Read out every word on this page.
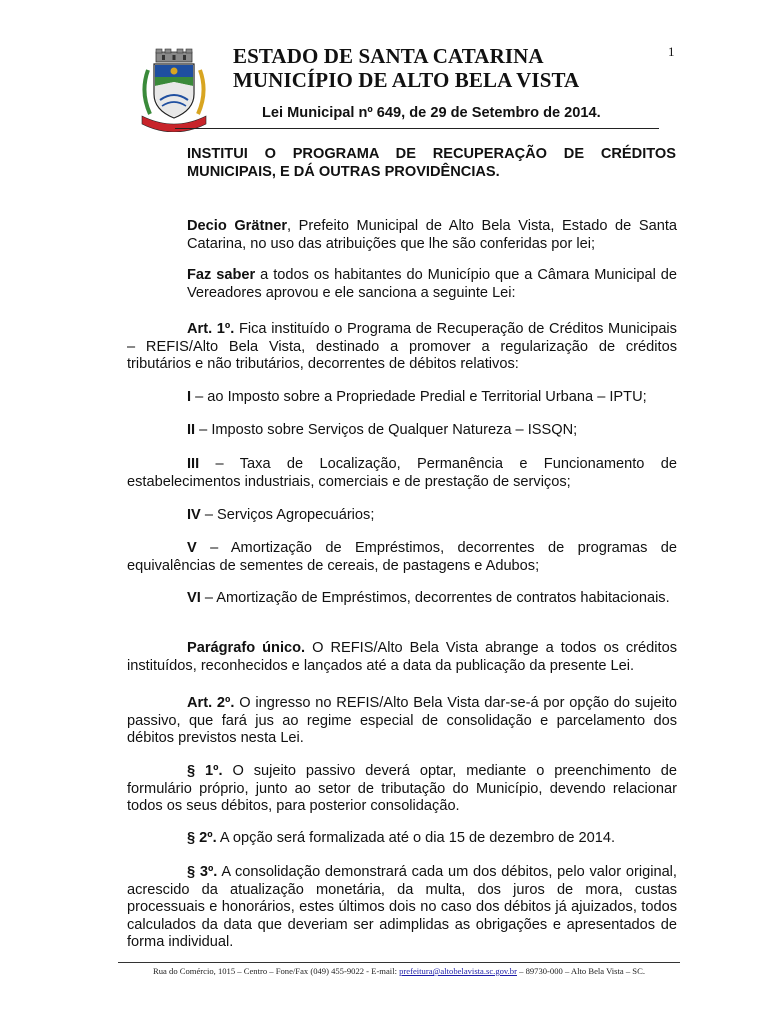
1
ESTADO DE SANTA CATARINA
MUNICÍPIO DE ALTO BELA VISTA
Lei Municipal nº 649, de 29 de Setembro de 2014.
INSTITUI O PROGRAMA DE RECUPERAÇÃO DE CRÉDITOS
MUNICIPAIS, E DÁ OUTRAS PROVIDÊNCIAS.
Decio Grätner, Prefeito Municipal de Alto Bela Vista, Estado de Santa Catarina, no uso das atribuições que lhe são conferidas por lei;
Faz saber a todos os habitantes do Município que a Câmara Municipal de Vereadores aprovou e ele sanciona a seguinte Lei:
Art. 1º. Fica instituído o Programa de Recuperação de Créditos Municipais – REFIS/Alto Bela Vista, destinado a promover a regularização de créditos tributários e não tributários, decorrentes de débitos relativos:
I – ao Imposto sobre a Propriedade Predial e Territorial Urbana – IPTU;
II – Imposto sobre Serviços de Qualquer Natureza – ISSQN;
III – Taxa de Localização, Permanência e Funcionamento de estabelecimentos industriais, comerciais e de prestação de serviços;
IV – Serviços Agropecuários;
V – Amortização de Empréstimos, decorrentes de programas de equivalências de sementes de cereais, de pastagens e Adubos;
VI – Amortização de Empréstimos, decorrentes de contratos habitacionais.
Parágrafo único. O REFIS/Alto Bela Vista abrange a todos os créditos instituídos, reconhecidos e lançados até a data da publicação da presente Lei.
Art. 2º. O ingresso no REFIS/Alto Bela Vista dar-se-á por opção do sujeito passivo, que fará jus ao regime especial de consolidação e parcelamento dos débitos previstos nesta Lei.
§ 1º. O sujeito passivo deverá optar, mediante o preenchimento de formulário próprio, junto ao setor de tributação do Município, devendo relacionar todos os seus débitos, para posterior consolidação.
§ 2º. A opção será formalizada até o dia 15 de dezembro de 2014.
§ 3º. A consolidação demonstrará cada um dos débitos, pelo valor original, acrescido da atualização monetária, da multa, dos juros de mora, custas processuais e honorários, estes últimos dois no caso dos débitos já ajuizados, todos calculados da data que deveriam ser adimplidas as obrigações e apresentados de forma individual.
Rua do Comércio, 1015 – Centro – Fone/Fax (049) 455-9022 - E-mail: prefeitura@altobelavista.sc.gov.br – 89730-000 – Alto Bela Vista – SC.
